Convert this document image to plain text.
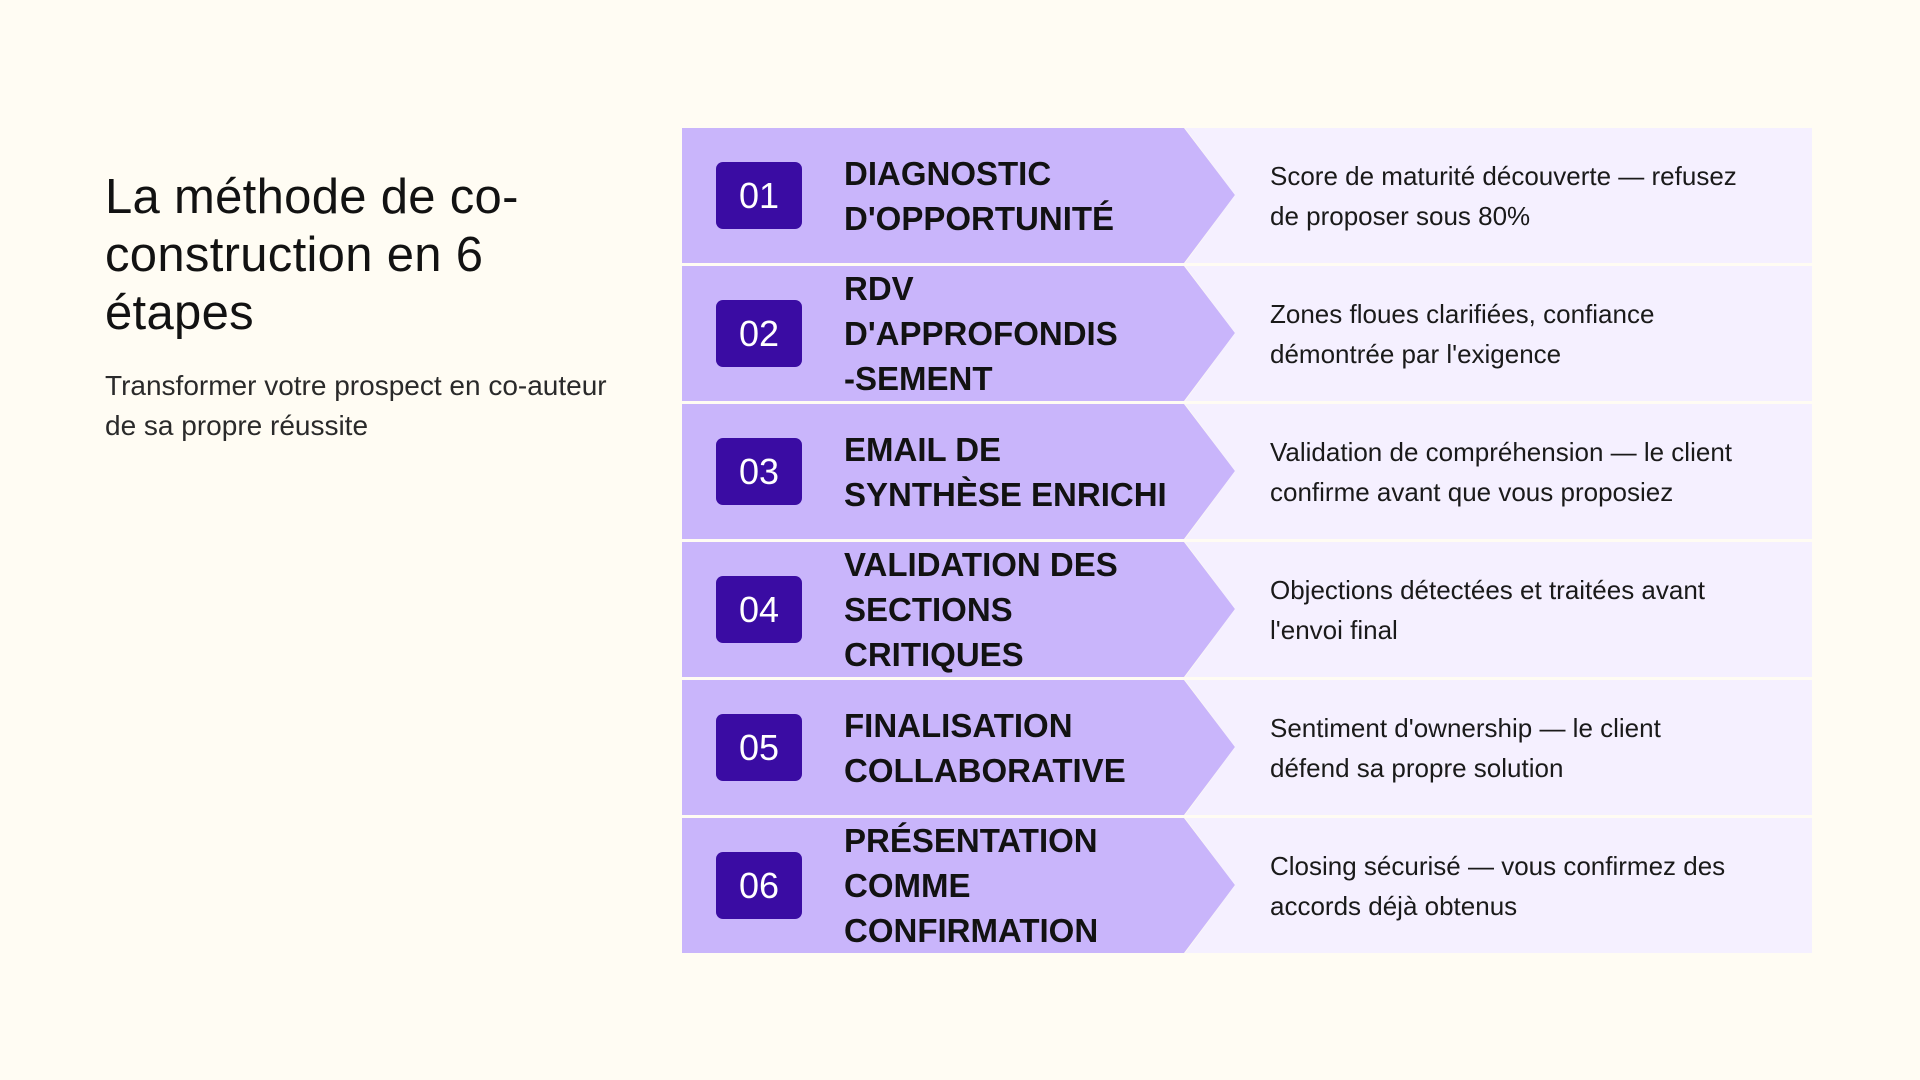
La méthode de co-construction en 6 étapes

Transformer votre prospect en co-auteur de sa propre réussite

01
DIAGNOSTIC
D'OPPORTUNITÉ
Score de maturité découverte — refusez de proposer sous 80%
02
RDV
D'APPROFONDIS
-SEMENT
Zones floues clarifiées, confiance démontrée par l'exigence
03
EMAIL DE
SYNTHÈSE ENRICHI
Validation de compréhension — le client confirme avant que vous proposiez
04
VALIDATION DES
SECTIONS
CRITIQUES
Objections détectées et traitées avant l'envoi final
05
FINALISATION
COLLABORATIVE
Sentiment d'ownership — le client défend sa propre solution
06
PRÉSENTATION
COMME
CONFIRMATION
Closing sécurisé — vous confirmez des accords déjà obtenus
